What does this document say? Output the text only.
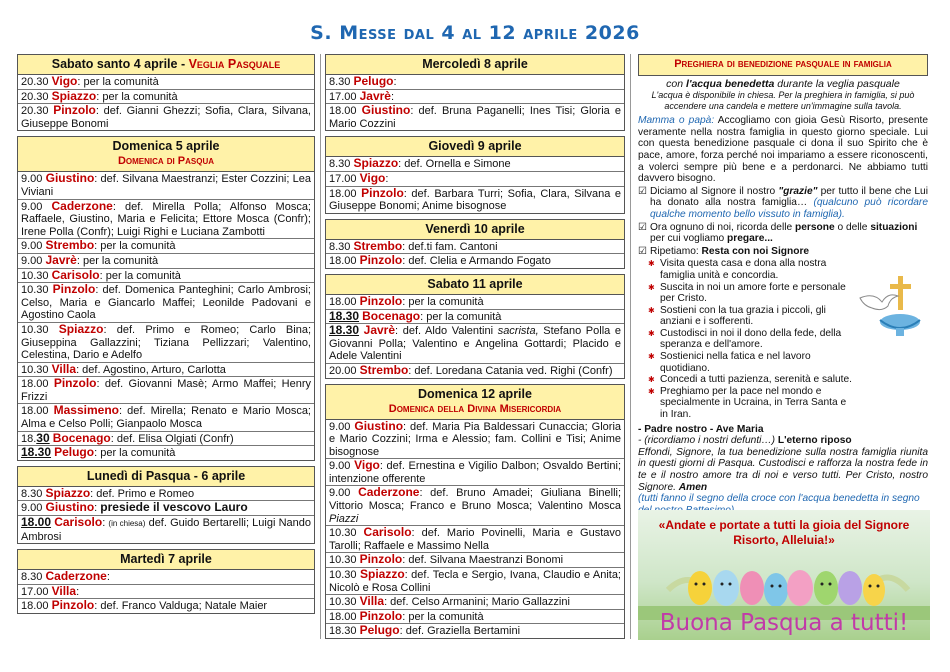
S. Messe dal 4 al 12 aprile 2026
Sabato santo 4 aprile - Veglia Pasquale
20.30 Vigo: per la comunità
20.30 Spiazzo: per la comunità
20.30 Pinzolo: def. Gianni Ghezzi; Sofia, Clara, Silvana, Giuseppe Bonomi
Domenica 5 aprile
Domenica di Pasqua
9.00 Giustino: def. Silvana Maestranzi; Ester Cozzini; Lea Viviani
9.00 Caderzone: def. Mirella Polla; Alfonso Mosca; Raffaele, Giustino, Maria e Felicita; Ettore Mosca (Confr); Irene Polla (Confr); Luigi Righi e Luciana Zambotti
9.00 Strembo: per la comunità
9.00 Javrè: per la comunità
10.30 Carisolo: per la comunità
10.30 Pinzolo: def. Domenica Panteghini; Carlo Ambrosi; Celso, Maria e Giancarlo Maffei; Leonilde Padovani e Agostino Caola
10.30 Spiazzo: def. Primo e Romeo; Carlo Bina; Giuseppina Gallazzini; Tiziana Pellizzari; Valentino, Celestina, Dario e Adelfo
10.30 Villa: def. Agostino, Arturo, Carlotta
18.00 Pinzolo: def. Giovanni Masè; Armo Maffei; Henry Frizzi
18.00 Massimeno: def. Mirella; Renato e Mario Mosca; Alma e Celso Polli; Gianpaolo Mosca
18.30 Bocenago: def. Elisa Olgiati (Confr)
18.30 Pelugo: per la comunità
Lunedì di Pasqua - 6 aprile
8.30 Spiazzo: def. Primo e Romeo
9.00 Giustino: presiede il vescovo Lauro
18.00 Carisolo: (in chiesa) def. Guido Bertarelli; Luigi Nando Ambrosi
Martedì 7 aprile
8.30 Caderzone:
17.00 Villa:
18.00 Pinzolo: def. Franco Valduga; Natale Maier
Mercoledì 8 aprile
8.30 Pelugo:
17.00 Javrè:
18.00 Giustino: def. Bruna Paganelli; Ines Tisi; Gloria e Mario Cozzini
Giovedì 9 aprile
8.30 Spiazzo: def. Ornella e Simone
17.00 Vigo:
18.00 Pinzolo: def. Barbara Turri; Sofia, Clara, Silvana e Giuseppe Bonomi; Anime bisognose
Venerdì 10 aprile
8.30 Strembo: def.ti fam. Cantoni
18.00 Pinzolo: def. Clelia e Armando Fogato
Sabato 11 aprile
18.00 Pinzolo: per la comunità
18.30 Bocenago: per la comunità
18.30 Javrè: def. Aldo Valentini sacrista, Stefano Polla e Giovanni Polla; Valentino e Angelina Gottardi; Placido e Adele Valentini
20.00 Strembo: def. Loredana Catania ved. Righi (Confr)
Domenica 12 aprile
Domenica della Divina Misericordia
9.00 Giustino: def. Maria Pia Baldessari Cunaccia; Gloria e Mario Cozzini; Irma e Alessio; fam. Collini e Tisi; Anime bisognose
9.00 Vigo: def. Ernestina e Vigilio Dalbon; Osvaldo Bertini; intenzione offerente
9.00 Caderzone: def. Bruno Amadei; Giuliana Binelli; Vittorio Mosca; Franco e Bruno Mosca; Valentino Mosca Piazzi
10.30 Carisolo: def. Mario Povinelli, Maria e Gustavo Tarolli; Raffaele e Massimo Nella
10.30 Pinzolo: def. Silvana Maestranzi Bonomi
10.30 Spiazzo: def. Tecla e Sergio, Ivana, Claudio e Anita; Nicolò e Rosa Collini
10.30 Villa: def. Celso Armanini; Mario Gallazzini
18.00 Pinzolo: per la comunità
18.30 Pelugo: def. Graziella Bertamini
Preghiera di benedizione pasquale in famiglia
con l'acqua benedetta durante la veglia pasquale
L'acqua è disponibile in chiesa. Per la preghiera in famiglia, si può accendere una candela e mettere un'immagine sulla tavola.
Mamma o papà: Accogliamo con gioia Gesù Risorto, presente veramente nella nostra famiglia in questo giorno speciale. Lui con questa benedizione pasquale ci dona il suo Spirito che è pace, amore, forza perché noi impariamo a essere riconoscenti, a volerci sempre più bene e a perdonarci. Ne abbiamo tutti davvero bisogno.
☑ Diciamo al Signore il nostro "grazie" per tutto il bene che Lui ha donato alla nostra famiglia… (qualcuno può ricordare qualche momento bello vissuto in famiglia).
☑ Ora ognuno di noi, ricorda delle persone o delle situazioni per cui vogliamo pregare...
☑ Ripetiamo: Resta con noi Signore
✱ Visita questa casa e dona alla nostra famiglia unità e concordia.
✱ Suscita in noi un amore forte e personale per Cristo.
✱ Sostieni con la tua grazia i piccoli, gli anziani e i sofferenti.
✱ Custodisci in noi il dono della fede, della speranza e dell'amore.
✱ Sostienici nella fatica e nel lavoro quotidiano.
✱ Concedi a tutti pazienza, serenità e salute.
✱ Preghiamo per la pace nel mondo e specialmente in Ucraina, in Terra Santa e in Iran.
- Padre nostro - Ave Maria
- (ricordiamo i nostri defunti…) L'eterno riposo
Effondi, Signore, la tua benedizione sulla nostra famiglia riunita in questi giorni di Pasqua. Custodisci e rafforza la nostra fede in te e il nostro amore tra di noi e verso tutti. Per Cristo, nostro Signore. Amen
(tutti fanno il segno della croce con l'acqua benedetta in segno
«Andate e portate a tutti la gioia del Signore Risorto, Alleluia!»
Buona Pasqua a tutti!
